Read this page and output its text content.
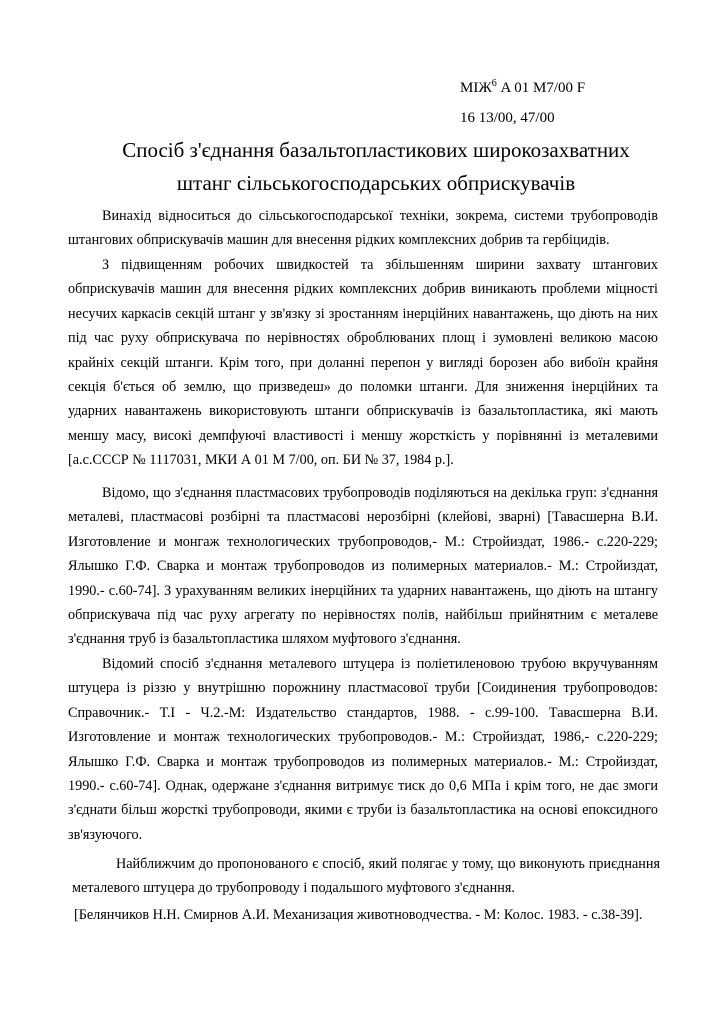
МІЖ$^6$ A 01 M7/00 F
16 13/00, 47/00
Спосіб з'єднання базальтопластикових широкозахватних
штанг сільськогосподарських обприскувачів

Винахід відноситься до сільськогосподарської техніки, зокрема, системи трубопроводів штангових обприскувачів машин для внесення рідких комплексних добрив та гербіцидів.

З підвищенням робочих швидкостей та збільшенням ширини захвату штангових обприскувачів машин для внесення рідких комплексних добрив виникають проблеми міцності несучих каркасів секцій штанг у зв'язку зі зростанням інерційних навантажень, що діють на них під час руху обприскувача по нерівностях оброблюваних площ і зумовлені великою масою крайніх секцій штанги. Крім того, при доланні перепон у вигляді борозен або вибоїн крайня секція б'ється об землю, що призведеш» до поломки штанги. Для зниження інерційних та ударних навантажень використовують штанги обприскувачів із базальтопластика, які мають меншу масу, високі демпфуючі властивості і меншу жорсткість у порівнянні із металевими [а.с.СССР № 1117031, МКИ А 01 М 7/00, оп. БИ № 37, 1984 р.].

Відомо, що з'єднання пластмасових трубопроводів поділяються на декілька груп: з'єднання металеві, пластмасові розбірні та пластмасові нерозбірні (клейові, зварні) [Тавасшерна В.И. Изготовление и монгаж технологических трубопроводов,- М.: Стройиздат, 1986.- с.220-229; Ялышко Г.Ф. Сварка и монтаж трубопроводов из полимерных материалов.- М.: Стройиздат, 1990.- с.60-74]. З урахуванням великих інерційних та ударних навантажень, що діють на штангу обприскувача під час руху агрегату по нерівностях полів, найбільш прийнятним є металеве з'єднання труб із базальтопластика шляхом муфтового з'єднання.

Відомий спосіб з'єднання металевого штуцера із поліетиленовою трубою вкручуванням штуцера із різзю у внутрішню порожнину пластмасової труби [Соидинения трубопроводов: Справочник.- Т.I - Ч.2.-М: Издательство стандартов, 1988. - с.99-100. Тавасшерна В.И. Изготовление и монтаж технологических трубопроводов.- М.: Стройиздат, 1986,- с.220-229; Ялышко Г.Ф. Сварка и монтаж трубопроводов из полимерных материалов.- М.: Стройиздат, 1990.- с.60-74]. Однак, одержане з'єднання витримує тиск до 0,6 МПа і крім того, не дає змоги з'єднати більш жорсткі трубопроводи, якими є труби із базальтопластика на основі епоксидного зв'язуючого.

Найближчим до пропонованого є спосіб, який полягає у тому, що виконують приєднання металевого штуцера до трубопроводу і подальшого муфтового з'єднання.

[Белянчиков Н.Н. Смирнов А.И. Механизация животноводчества. - М: Колос. 1983. - с.38-39].
